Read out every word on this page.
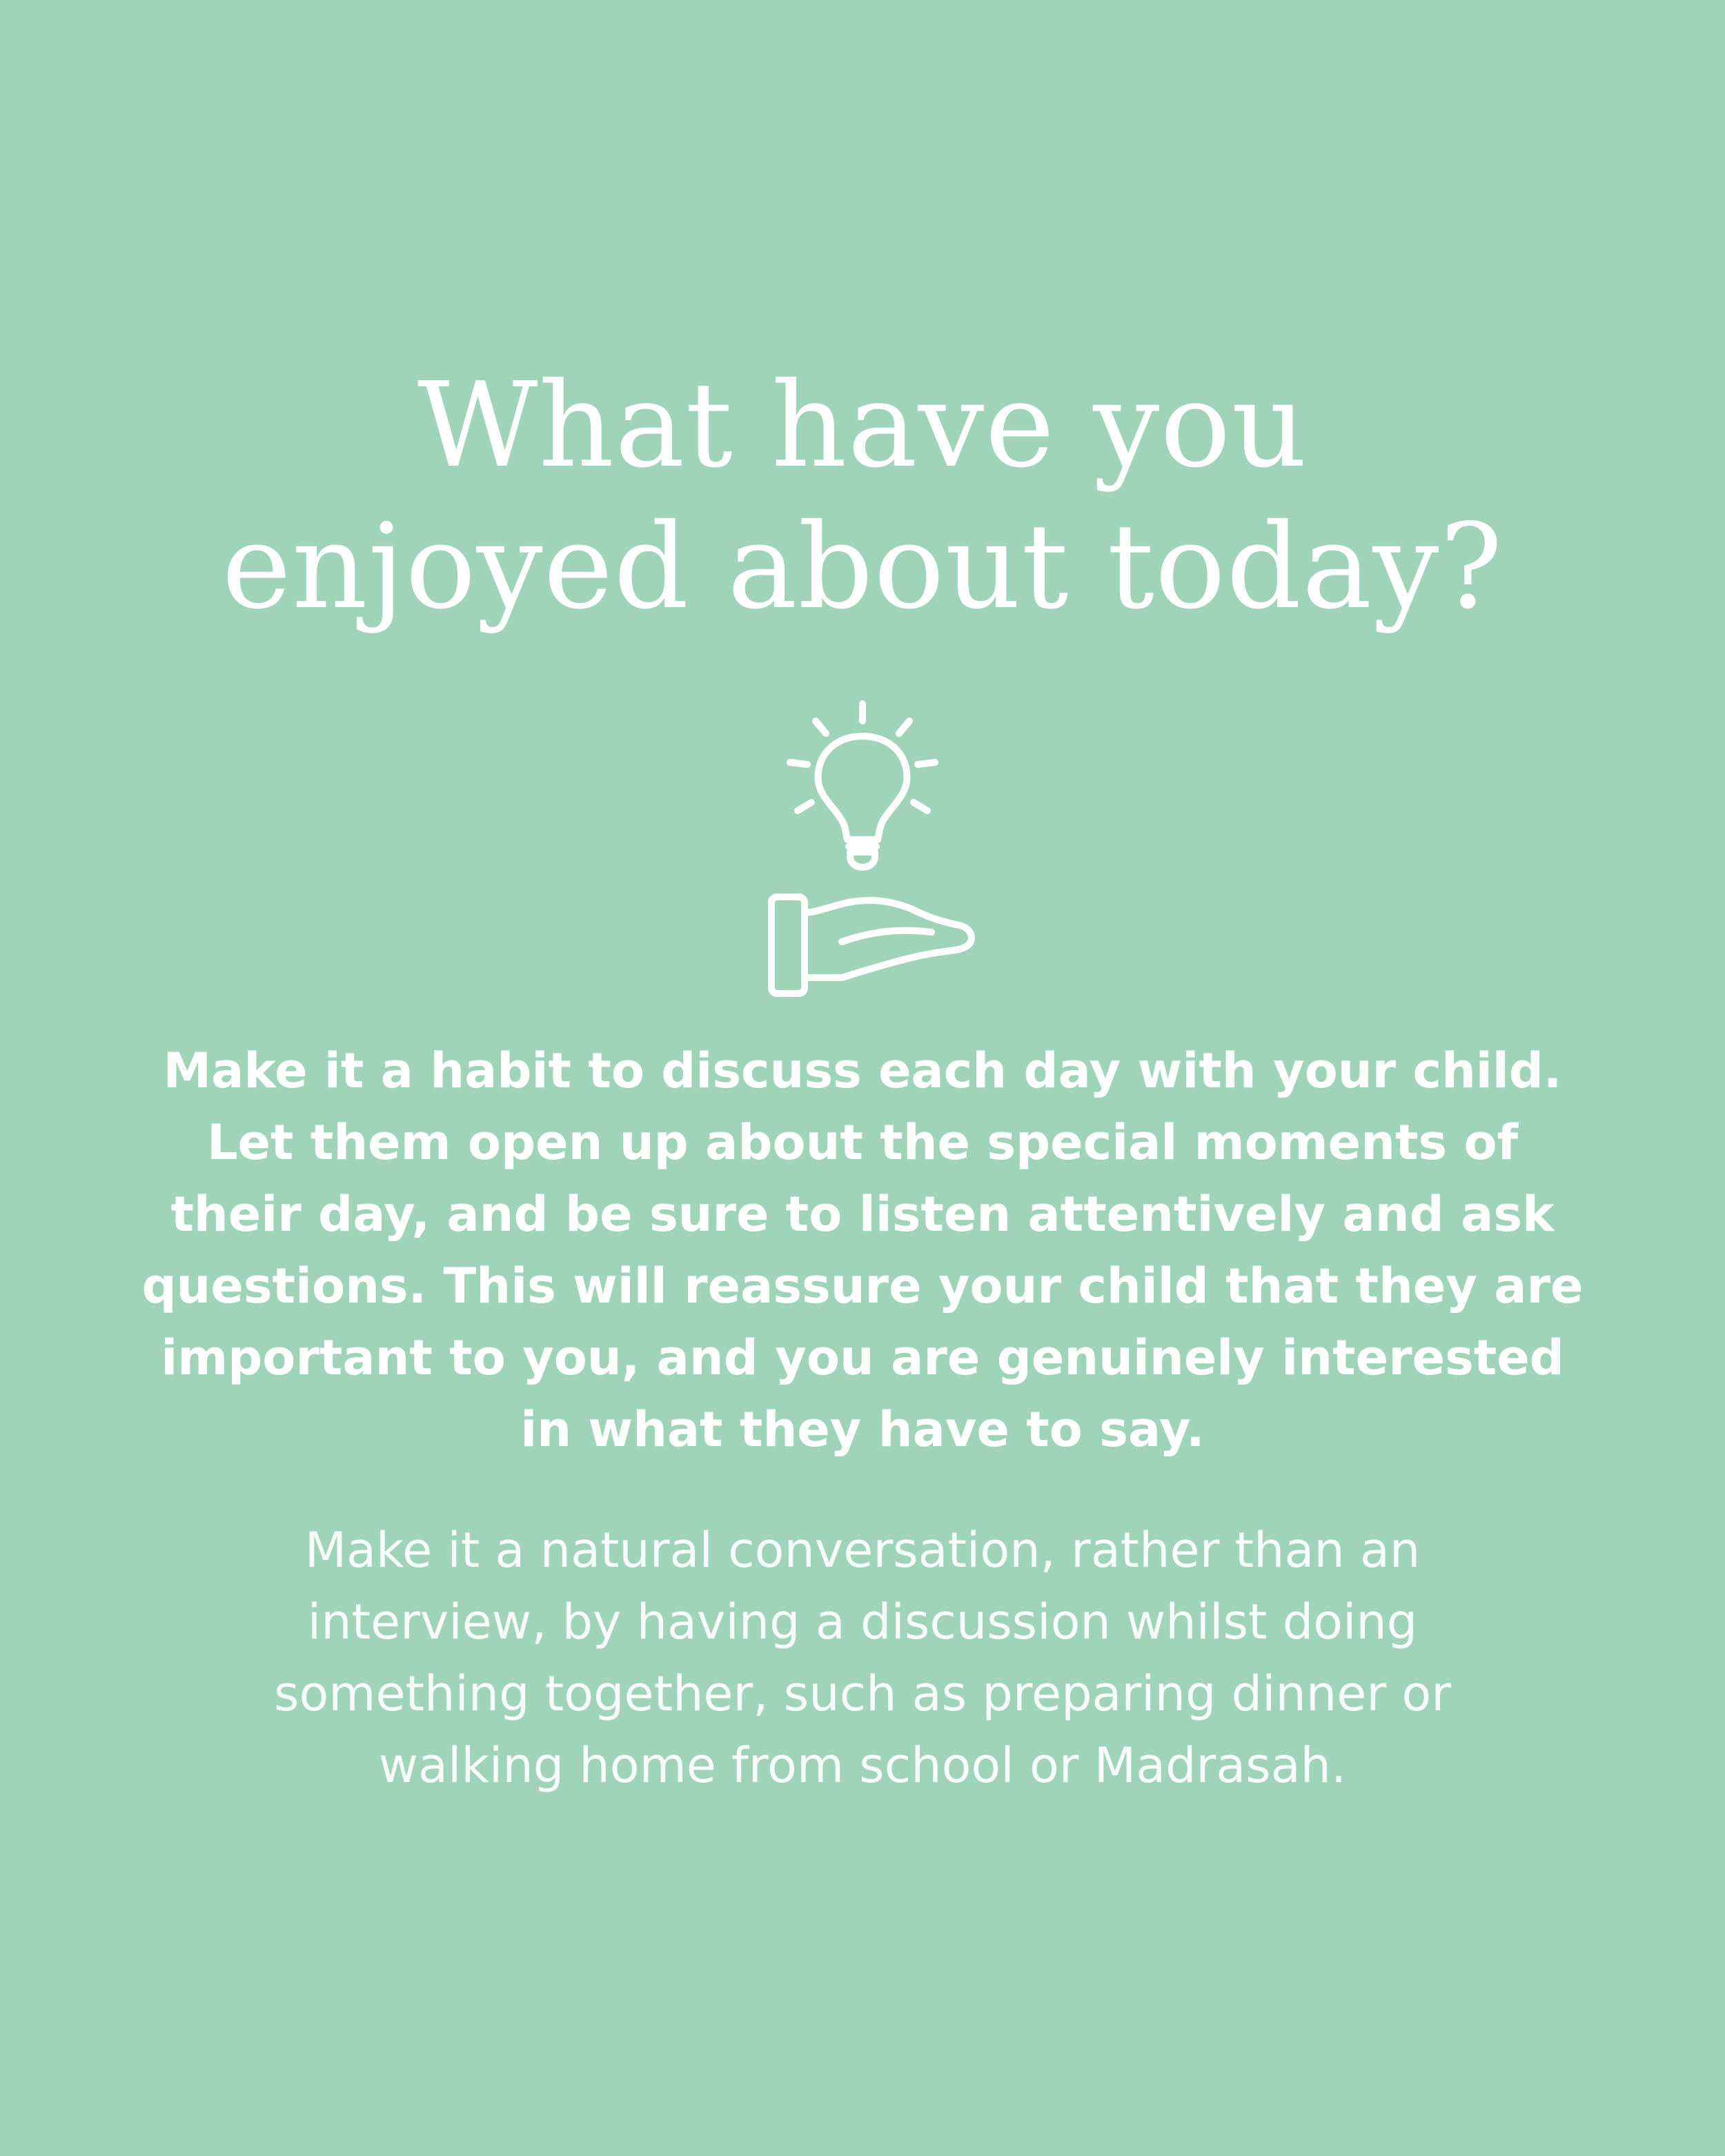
What have you
enjoyed about today?

Make it a habit to discuss each day with your child.
Let them open up about the special moments of
their day, and be sure to listen attentively and ask
questions. This will reassure your child that they are
important to you, and you are genuinely interested
in what they have to say.

Make it a natural conversation, rather than an
interview, by having a discussion whilst doing
something together, such as preparing dinner or
walking home from school or Madrasah.
